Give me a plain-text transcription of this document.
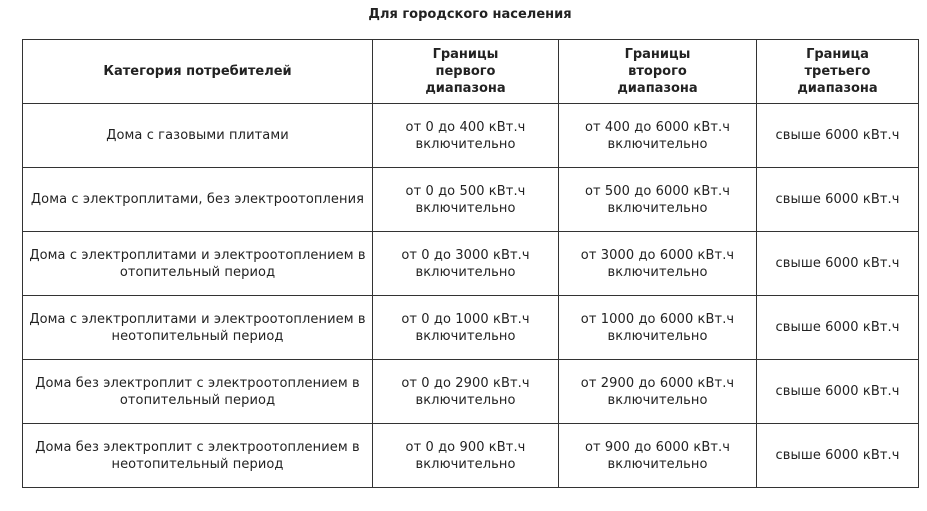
Для городского населения
Категория потребителей	Границы первого диапазона	Границы второго диапазона	Граница третьего диапазона
Дома с газовыми плитами	от 0 до 400 кВт.ч включительно	от 400 до 6000 кВт.ч включительно	свыше 6000 кВт.ч
Дома с электроплитами, без электроотопления	от 0 до 500 кВт.ч включительно	от 500 до 6000 кВт.ч включительно	свыше 6000 кВт.ч
Дома с электроплитами и электроотоплением в отопительный период	от 0 до 3000 кВт.ч включительно	от 3000 до 6000 кВт.ч включительно	свыше 6000 кВт.ч
Дома с электроплитами и электроотоплением в неотопительный период	от 0 до 1000 кВт.ч включительно	от 1000 до 6000 кВт.ч включительно	свыше 6000 кВт.ч
Дома без электроплит с электроотоплением в отопительный период	от 0 до 2900 кВт.ч включительно	от 2900 до 6000 кВт.ч включительно	свыше 6000 кВт.ч
Дома без электроплит с электроотоплением в неотопительный период	от 0 до 900 кВт.ч включительно	от 900 до 6000 кВт.ч включительно	свыше 6000 кВт.ч
